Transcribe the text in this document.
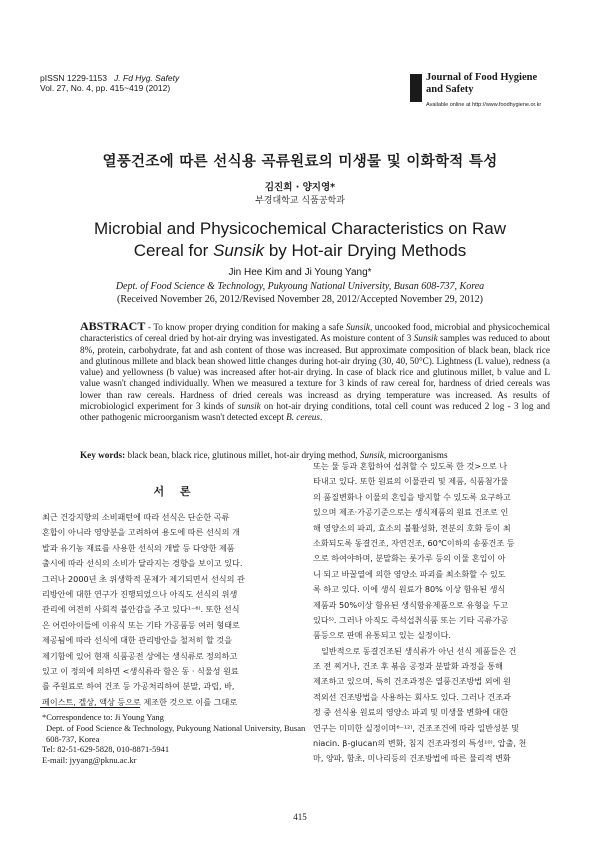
pISSN 1229-1153 J. Fd Hyg. Safety
Vol. 27, No. 4, pp. 415~419 (2012)
Journal of Food Hygiene
and Safety
Available online at http://www.foodhygiene.or.kr
열풍건조에 따른 선식용 곡류원료의 미생물 및 이화학적 특성
김진희 · 양지영*
부경대학교 식품공학과
Microbial and Physicochemical Characteristics on Raw
Cereal for Sunsik by Hot-air Drying Methods
Jin Hee Kim and Ji Young Yang*
Dept. of Food Science & Technology, Pukyoung National University, Busan 608-737, Korea
(Received November 26, 2012/Revised November 28, 2012/Accepted November 29, 2012)
ABSTRACT - To know proper drying condition for making a safe Sunsik, uncooked food, microbial and physicochemical characteristics of cereal dried by hot-air drying was investigated. As moisture content of 3 Sunsik samples was reduced to about 8%, protein, carbohydrate, fat and ash content of those was increased. But approximate composition of black bean, black rice and glutinous millete and black bean showed little changes during hot-air drying (30, 40, 50°C). Lightness (L value), redness (a value) and yellowness (b value) was increased after hot-air drying. In case of black rice and glutinous millet, b value and L value wasn't changed individually. When we measured a texture for 3 kinds of raw cereal for, hardness of dried cereals was lower than raw cereals. Hardness of dried cereals was increasd as drying temperature was increased. As results of microbiologicl experiment for 3 kinds of sunsik on hot-air drying conditions, total cell count was reduced 2 log - 3 log and other pathogenic microorganism wasn't detected except B. cereus.
Key words: black bean, black rice, glutinous millet, hot-air drying method, Sunsik, microorganisms
서 론
최근 건강지향의 소비패턴에 따라 선식은 단순한 곡류
혼합이 아니라 영양분을 고려하여 용도에 따른 선식의 개
발과 유기농 재료를 사용한 선식의 개발 등 다양한 제품
출시에 따라 선식의 소비가 달라지는 경향을 보이고 있다.
그러나 2000년 초 위생학적 문제가 제기되면서 선식의 관
리방안에 대한 연구가 진행되었으나 아직도 선식의 위생
관리에 여전히 사회적 불안감을 주고 있다¹⁻⁶⁾. 또한 선식
은 어린아이들에 이유식 또는 기타 가공품등 여러 형태로
제공됨에 따라 선식에 대한 관리방안을 철저히 할 것을
제기함에 있어 현재 식품공전 상에는 생식류로 정의하고
있고 이 정의에 의하면 <생식류라 함은 동 · 식물성 원료
를 주원료로 하여 건조 등 가공처리하여 분말, 과립, 바,
페이스트, 겔상, 액상 등으로 제조한 것으로 이를 그대로
또는 물 등과 혼합하여 섭취할 수 있도록 한 것>으로 나
타내고 있다. 또한 원료의 이물관리 및 제품, 식품첨가물
의 품질변화나 이물의 혼입을 방지할 수 있도록 요구하고
있으며 제조·가공기준으로는 생식제품의 원료 건조로 인
해 영양소의 파괴, 효소의 불활성화, 전분의 호화 등이 최
소화되도록 동결건조, 자연건조, 60℃이하의 송풍건조 등
으로 하여야하며, 분말화는 롯가루 등의 이물 혼입이 아
니 되고 바꿀열에 의한 영양소 파괴를 최소화할 수 있도
록 하고 있다. 이에 생식 원료가 80% 이상 함유된 생식
제품과 50%이상 함유된 생식함유제품으로 유형을 두고
있다⁵⁾. 그러나 아직도 즉석섭취식품 또는 기타 곡류가공
품등으로 판매 유통되고 있는 실정이다.
　일반적으로 동결건조된 생식류가 아닌 선식 제품들은 건
조 전 찌거나, 건조 후 볶음 공정과 분말화 과정을 통해
제조하고 있으며, 특히 건조과정은 열풍건조방법 외에 원
적외선 건조방법을 사용하는 회사도 있다. 그러나 건조과
정 중 선식용 원료의 영양소 파괴 및 미생물 변화에 대한
연구는 미미한 실정이며⁶⁻¹²⁾, 건조조건에 따라 일반성분 및
niacin. β-glucan의 변화, 침지 건조과정의 특성¹⁰⁾, 압출, 천
마, 양파, 함초, 미나리등의 건조방법에 따른 물리적 변화
*Correspondence to: Ji Young Yang
Dept. of Food Science & Technology, Pukyoung National University, Busan 608-737, Korea
Tel: 82-51-629-5828, 010-8871-5941
E-mail: jyyang@pknu.ac.kr
415
